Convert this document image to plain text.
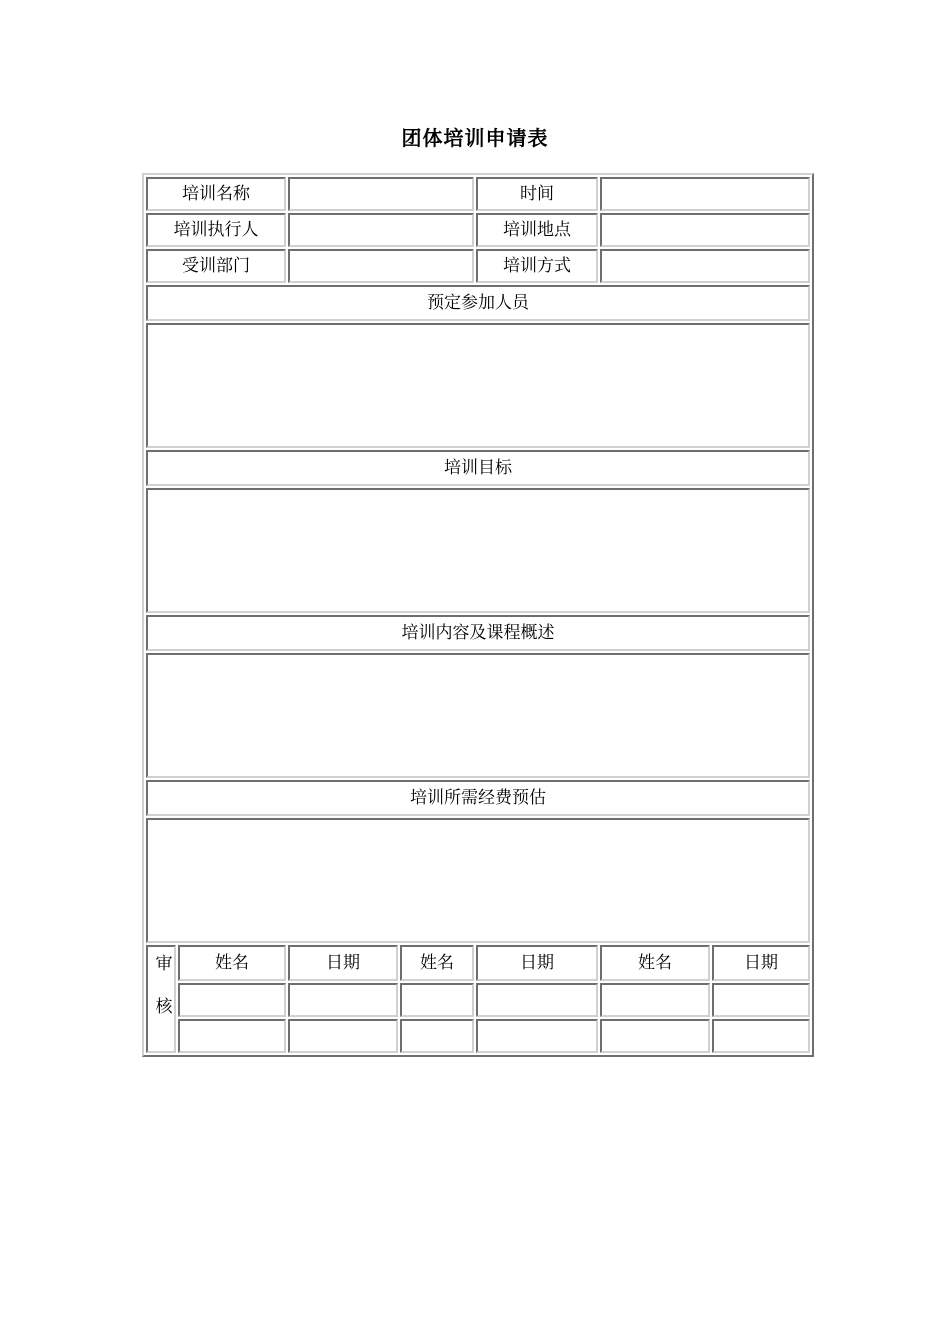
团体培训申请表
培训名称				时间		
培训执行人				培训地点		
受训部门				培训方式		
预定参加人员						

培训目标						

培训内容及课程概述						

培训所需经费预估						

审核	姓名	日期	姓名	日期	姓名	日期
